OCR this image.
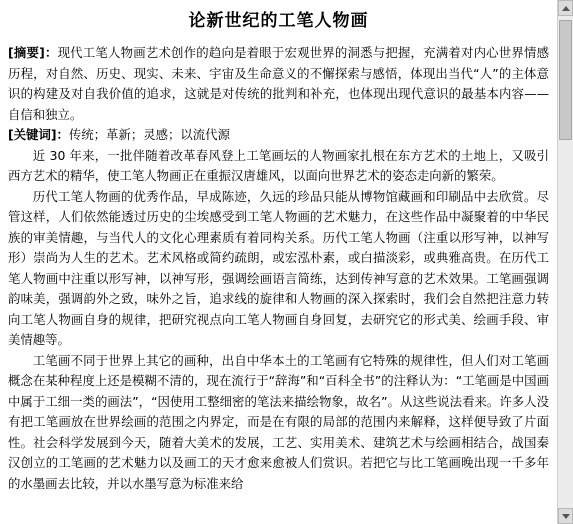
论新世纪的工笔人物画

[摘要]：现代工笔人物画艺术创作的趋向是着眼于宏观世界的洞悉与把握，充满着对内心世界情感历程，对自然、历史、现实、未来、宇宙及生命意义的不懈探索与感悟，体现出当代“人”的主体意识的构建及对自我价值的追求，这就是对传统的批判和补充，也体现出现代意识的最基本内容——自信和独立。

[关键词]：传统；革新；灵感；以流代源

近 30 年来，一批伴随着改革春风登上工笔画坛的人物画家扎根在东方艺术的土地上，又吸引西方艺术的精华，使工笔人物画正在重振汉唐雄风，以面向世界艺术的姿态走向新的繁荣。

历代工笔人物画的优秀作品，早成陈迹，久远的珍品只能从博物馆藏画和印刷品中去欣赏。尽管这样，人们依然能透过历史的尘埃感受到工笔人物画的艺术魅力，在这些作品中凝聚着的中华民族的审美情趣，与当代人的文化心理素质有着同构关系。历代工笔人物画（注重以形写神，以神写形）崇尚为人生的艺术。艺术风格或简约疏朗，或宏泓朴素，或白描淡彩，或典雅高贵。在历代工笔人物画中注重以形写神，以神写形，强调绘画语言简练，达到传神写意的艺术效果。工笔画强调韵味美，强调韵外之致，味外之旨，追求线的旋律和人物画的深入探索时，我们会自然把注意力转向工笔人物画自身的规律，把研究视点向工笔人物画自身回复，去研究它的形式美、绘画手段、审美情趣等。

工笔画不同于世界上其它的画种，出自中华本土的工笔画有它特殊的规律性，但人们对工笔画概念在某种程度上还是模糊不清的，现在流行于“辞海”和“百科全书”的注释认为：“工笔画是中国画中属于工细一类的画法”，“因使用工整细密的笔法来描绘物象，故名”。从这些说法看来。许多人没有把工笔画放在世界绘画的范围之内界定，而是在有限的局部的范围内来解释，这样便导致了片面性。社会科学发展到今天，随着大美术的发展，工艺、实用美术、建筑艺术与绘画相结合，战国秦汉创立的工笔画的艺术魅力以及画工的天才愈来愈被人们赏识。若把它与比工笔画晚出现一千多年的水墨画去比较，并以水墨写意为标准来给
